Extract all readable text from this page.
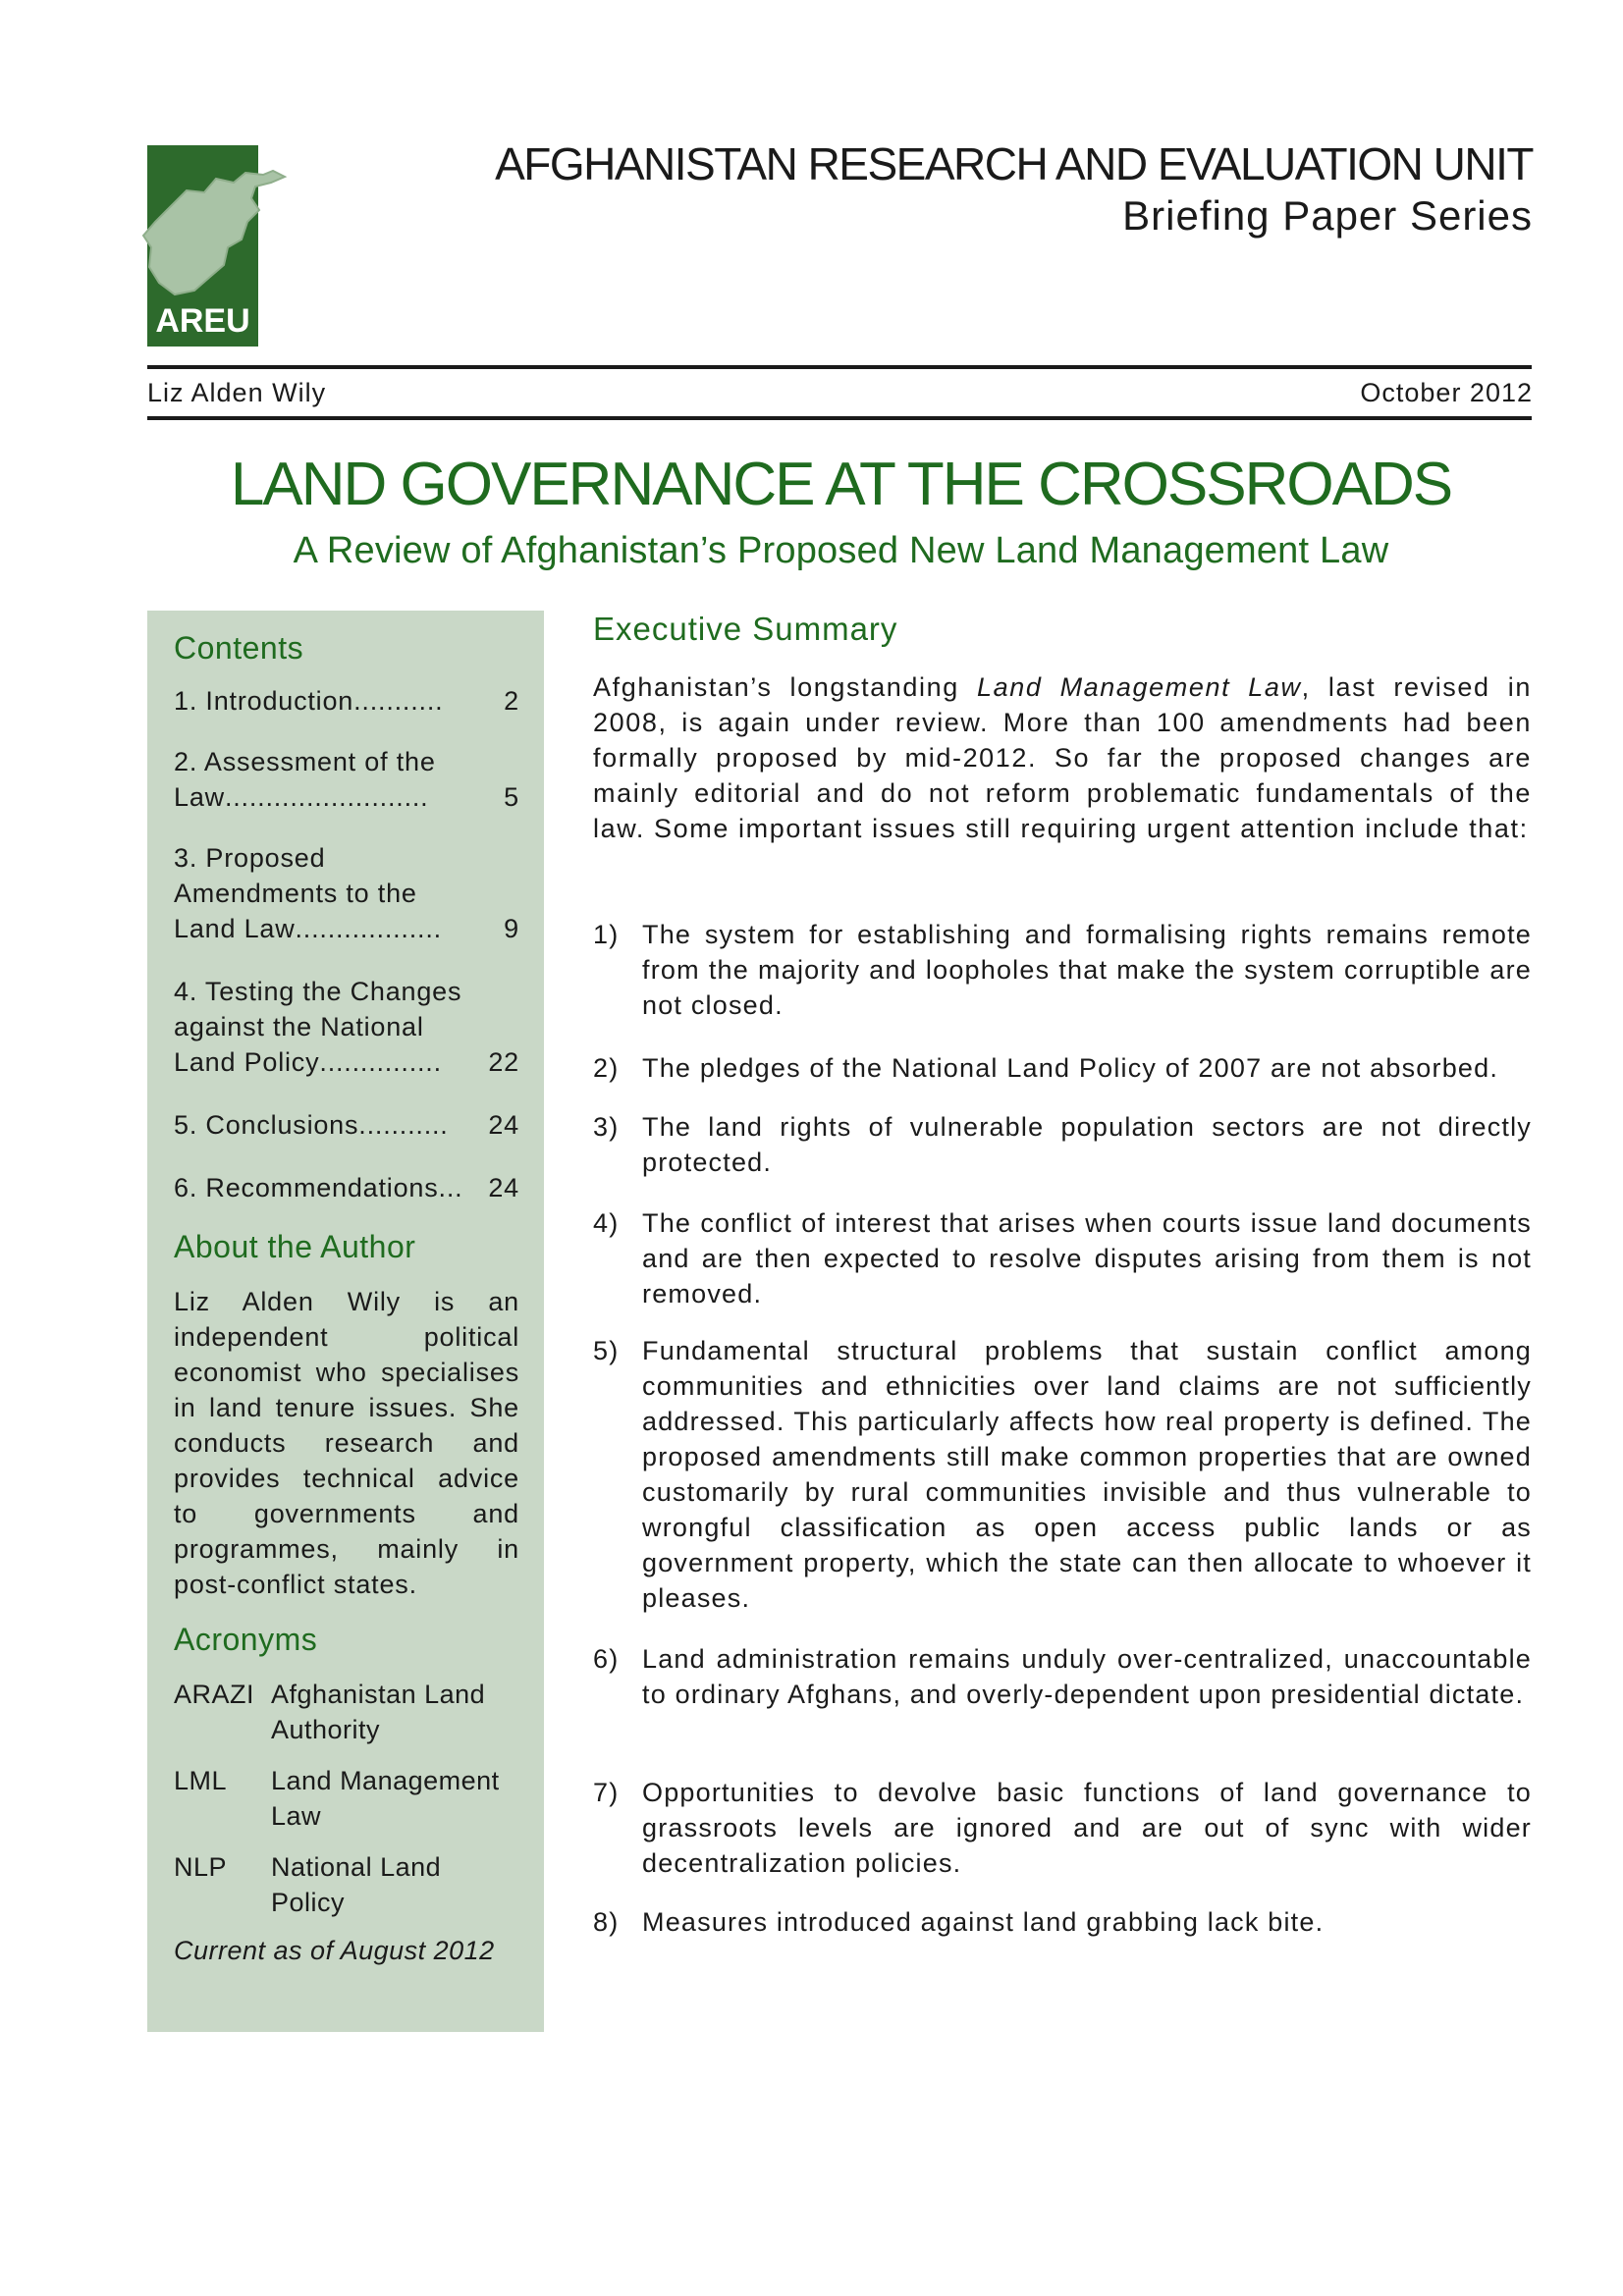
AREU
AFGHANISTAN RESEARCH AND EVALUATION UNIT
Briefing Paper Series
Liz Alden Wily	October 2012
LAND GOVERNANCE AT THE CROSSROADS
A Review of Afghanistan’s Proposed New Land Management Law
Contents
1. Introduction ...........	2
2. Assessment of the
Law .........................	5
3. Proposed
Amendments to the
Land Law ..................	9
4. Testing the Changes
against the National
Land Policy ...............	22
5. Conclusions ...........	24
6. Recommendations ... 24
About the Author
Liz Alden Wily is an independent political economist who specialises in land tenure issues. She conducts research and provides technical advice to governments and programmes, mainly in post-conflict states.
Acronyms
ARAZI Afghanistan Land Authority
LML	Land Management Law
NLP	National Land Policy
Current as of August 2012
Executive Summary
Afghanistan’s longstanding Land Management Law, last revised in 2008, is again under review. More than 100 amendments had been formally proposed by mid-2012. So far the proposed changes are mainly editorial and do not reform problematic fundamentals of the law. Some important issues still requiring urgent attention include that:
1) The system for establishing and formalising rights remains remote from the majority and loopholes that make the system corruptible are not closed.
2) The pledges of the National Land Policy of 2007 are not absorbed.
3) The land rights of vulnerable population sectors are not directly protected.
4) The conflict of interest that arises when courts issue land documents and are then expected to resolve disputes arising from them is not removed.
5) Fundamental structural problems that sustain conflict among communities and ethnicities over land claims are not sufficiently addressed. This particularly affects how real property is defined. The proposed amendments still make common properties that are owned customarily by rural communities invisible and thus vulnerable to wrongful classification as open access public lands or as government property, which the state can then allocate to whoever it pleases.
6) Land administration remains unduly over-centralized, unaccountable to ordinary Afghans, and overly-dependent upon presidential dictate.
7) Opportunities to devolve basic functions of land governance to grassroots levels are ignored and are out of sync with wider decentralization policies.
8) Measures introduced against land grabbing lack bite.
